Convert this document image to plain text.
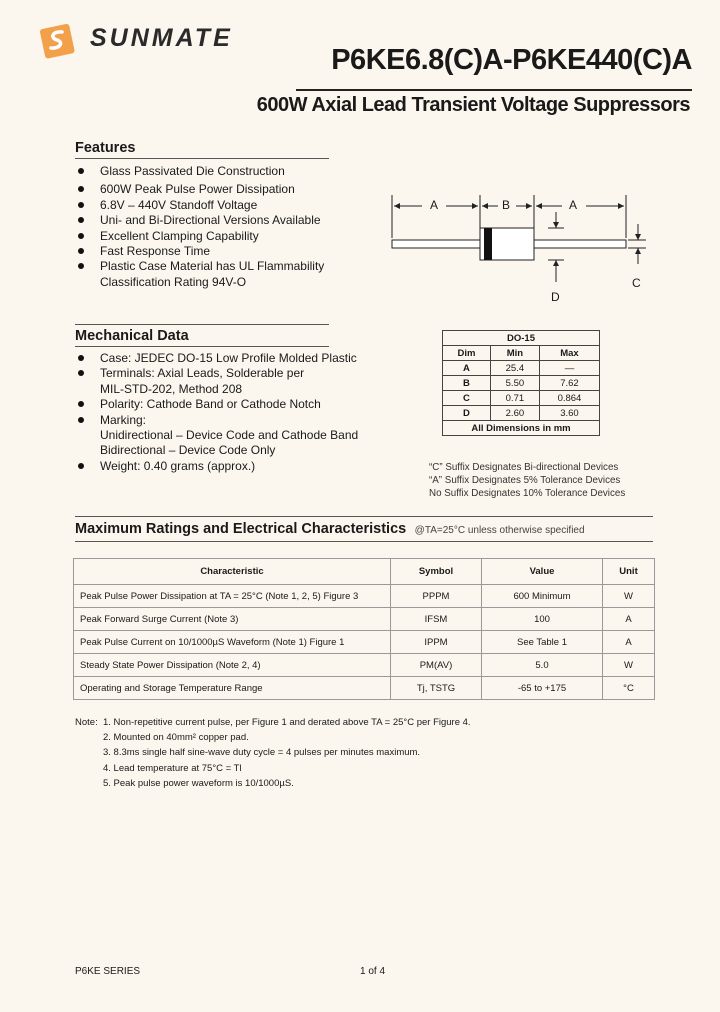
SUNMATE
P6KE6.8(C)A-P6KE440(C)A
600W Axial Lead Transient Voltage Suppressors
Features
Glass Passivated Die Construction
600W Peak Pulse Power Dissipation
6.8V – 440V Standoff Voltage
Uni- and Bi-Directional Versions Available
Excellent Clamping Capability
Fast Response Time
Plastic Case Material has UL Flammability
Classification Rating 94V-O
A	B	A
C
D
Mechanical Data
Case: JEDEC DO-15 Low Profile Molded Plastic
Terminals: Axial Leads, Solderable per
MIL-STD-202, Method 208
Polarity: Cathode Band or Cathode Notch
Marking:
Unidirectional – Device Code and Cathode Band
Bidirectional – Device Code Only
Weight: 0.40 grams (approx.)
DO-15		
Dim	Min	Max
A	25.4	—
B	5.50	7.62
C	0.71	0.864
D	2.60	3.60
All Dimensions in mm		
“C” Suffix Designates Bi-directional Devices
“A” Suffix Designates 5% Tolerance Devices
No Suffix Designates 10% Tolerance Devices
Maximum Ratings and Electrical Characteristics @TA=25°C unless otherwise specified
Characteristic	Symbol	Value	Unit
Peak Pulse Power Dissipation at TA = 25°C (Note 1, 2, 5) Figure 3	PPPM	600 Minimum	W
Peak Forward Surge Current (Note 3)	IFSM	100	A
Peak Pulse Current on 10/1000µS Waveform (Note 1) Figure 1	IPPM	See Table 1	A
Steady State Power Dissipation (Note 2, 4)	PM(AV)	5.0	W
Operating and Storage Temperature Range	Tj, TSTG	-65 to +175	°C
Note: 1. Non-repetitive current pulse, per Figure 1 and derated above TA = 25°C per Figure 4.
2. Mounted on 40mm² copper pad.
3. 8.3ms single half sine-wave duty cycle = 4 pulses per minutes maximum.
4. Lead temperature at 75°C = Tl
5. Peak pulse power waveform is 10/1000µS.
P6KE SERIES	1 of 4
